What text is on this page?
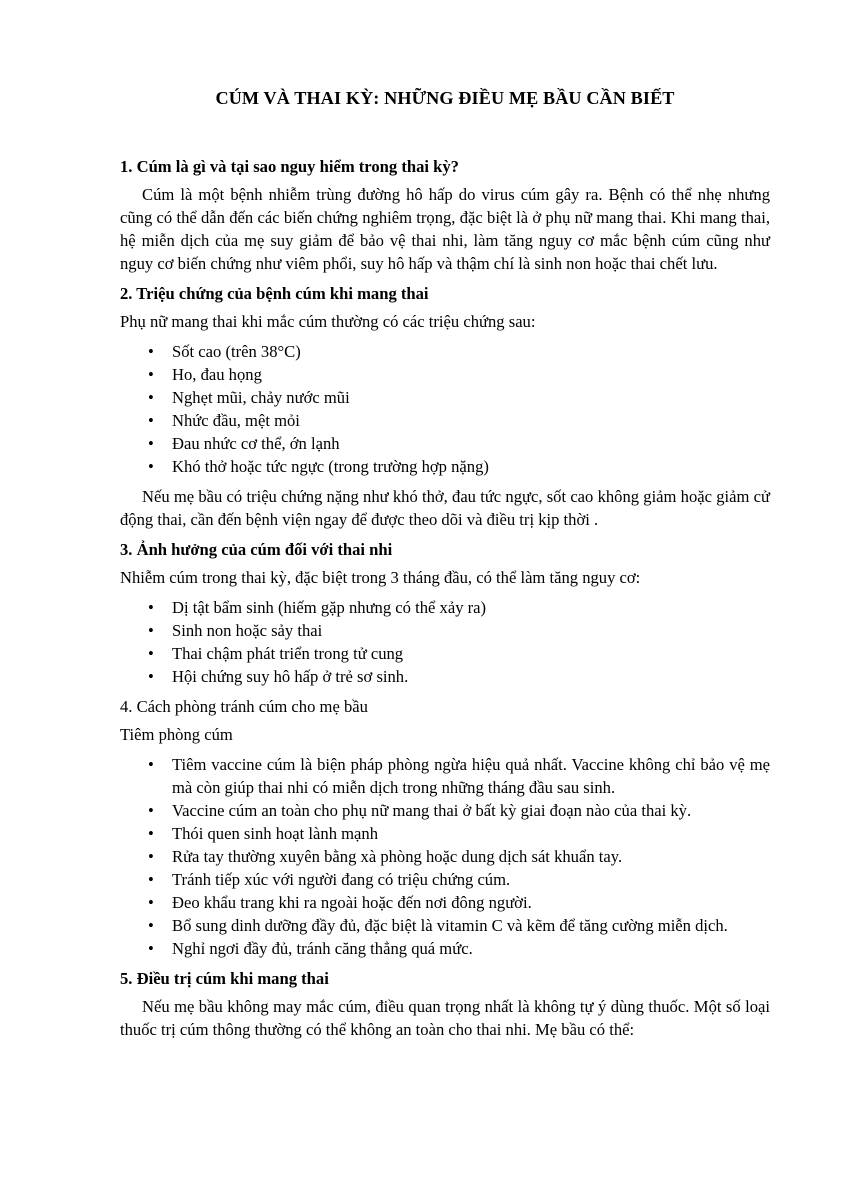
CÚM VÀ THAI KỲ: NHỮNG ĐIỀU MẸ BẦU CẦN BIẾT
1. Cúm là gì và tại sao nguy hiểm trong thai kỳ?
Cúm là một bệnh nhiễm trùng đường hô hấp do virus cúm gây ra. Bệnh có thể nhẹ nhưng cũng có thể dẫn đến các biến chứng nghiêm trọng, đặc biệt là ở phụ nữ mang thai. Khi mang thai, hệ miễn dịch của mẹ suy giảm để bảo vệ thai nhi, làm tăng nguy cơ mắc bệnh cúm cũng như nguy cơ biến chứng như viêm phổi, suy hô hấp và thậm chí là sinh non hoặc thai chết lưu.
2. Triệu chứng của bệnh cúm khi mang thai
Phụ nữ mang thai khi mắc cúm thường có các triệu chứng sau:
• Sốt cao (trên 38°C)
• Ho, đau họng
• Nghẹt mũi, chảy nước mũi
• Nhức đầu, mệt mỏi
• Đau nhức cơ thể, ớn lạnh
• Khó thở hoặc tức ngực (trong trường hợp nặng)
Nếu mẹ bầu có triệu chứng nặng như khó thở, đau tức ngực, sốt cao không giảm hoặc giảm cử động thai, cần đến bệnh viện ngay để được theo dõi và điều trị kịp thời .
3. Ảnh hưởng của cúm đối với thai nhi
Nhiễm cúm trong thai kỳ, đặc biệt trong 3 tháng đầu, có thể làm tăng nguy cơ:
• Dị tật bẩm sinh (hiếm gặp nhưng có thể xảy ra)
• Sinh non hoặc sảy thai
• Thai chậm phát triển trong tử cung
• Hội chứng suy hô hấp ở trẻ sơ sinh.
4. Cách phòng tránh cúm cho mẹ bầu
Tiêm phòng cúm
• Tiêm vaccine cúm là biện pháp phòng ngừa hiệu quả nhất. Vaccine không chỉ bảo vệ mẹ mà còn giúp thai nhi có miễn dịch trong những tháng đầu sau sinh.
• Vaccine cúm an toàn cho phụ nữ mang thai ở bất kỳ giai đoạn nào của thai kỳ.
• Thói quen sinh hoạt lành mạnh
• Rửa tay thường xuyên bằng xà phòng hoặc dung dịch sát khuẩn tay.
• Tránh tiếp xúc với người đang có triệu chứng cúm.
• Đeo khẩu trang khi ra ngoài hoặc đến nơi đông người.
• Bổ sung dinh dưỡng đầy đủ, đặc biệt là vitamin C và kẽm để tăng cường miễn dịch.
• Nghỉ ngơi đầy đủ, tránh căng thẳng quá mức.
5. Điều trị cúm khi mang thai
Nếu mẹ bầu không may mắc cúm, điều quan trọng nhất là không tự ý dùng thuốc. Một số loại thuốc trị cúm thông thường có thể không an toàn cho thai nhi. Mẹ bầu có thể:
